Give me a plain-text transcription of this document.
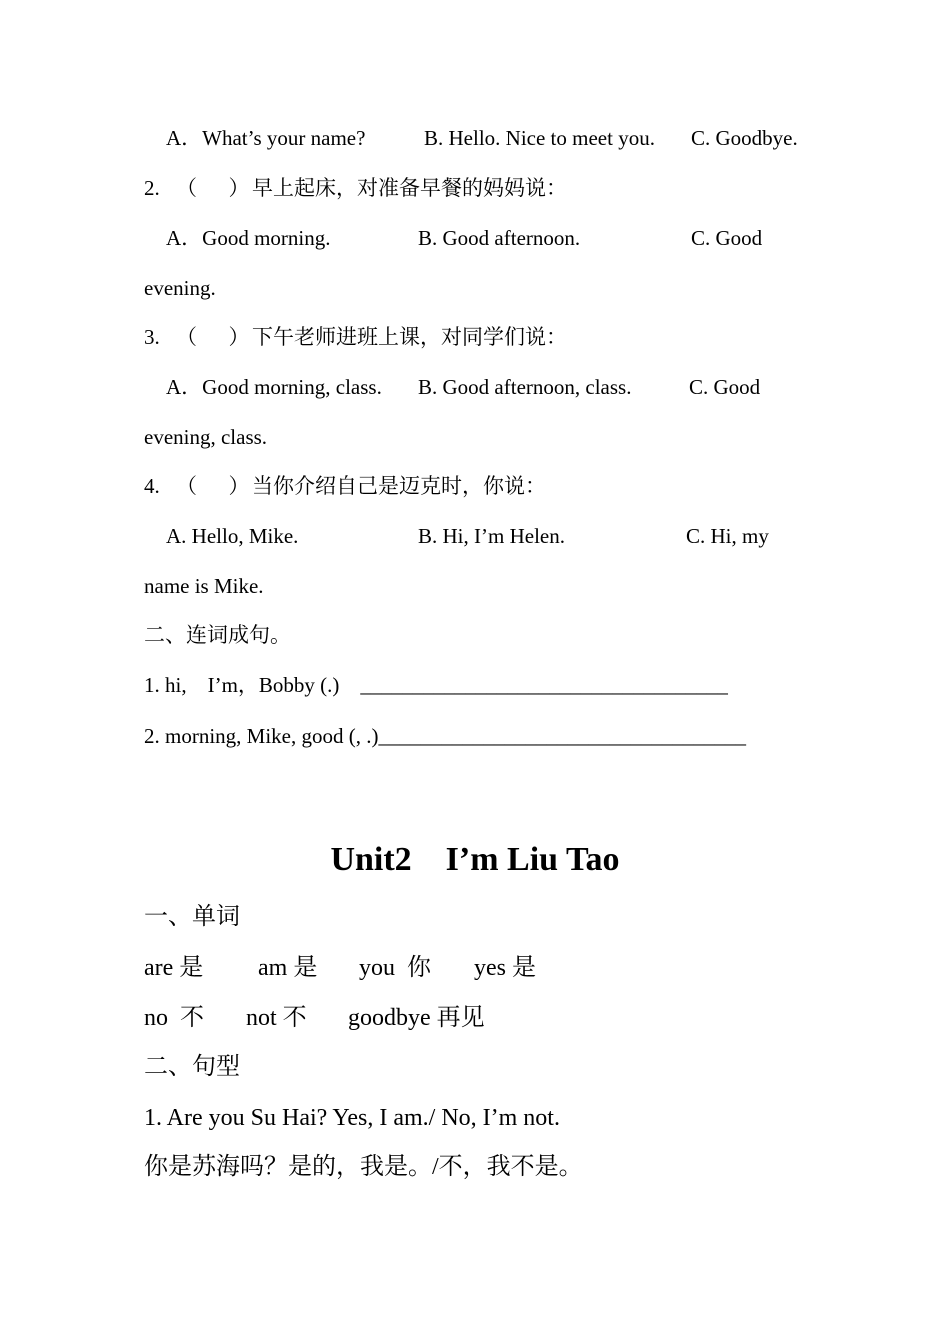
A．What’s your name?	B. Hello. Nice to meet you. C. Goodbye.
2. （      ） 早上起床，对准备早餐的妈妈说：
A．Good morning.	B. Good afternoon.	C. Good
evening.
3. （      ） 下午老师进班上课，对同学们说：
A．Good morning, class. B. Good afternoon, class.	C. Good
evening, class.
4. （      ） 当你介绍自己是迈克时，你说：
A. Hello, Mike.	B. Hi, I’m Helen.	C. Hi, my
name is Mike.
二、连词成句。
1. hi,    I’m，Bobby (.)    ___________________________________
2. morning, Mike, good (, .)___________________________________
Unit2    I’m Liu Tao
一、单词
are 是 am 是 you  你 yes 是
no  不 not 不 goodbye 再见
二、句型
1. Are you Su Hai? Yes, I am./ No, I’m not.
你是苏海吗？是的，我是。/不，我不是。
